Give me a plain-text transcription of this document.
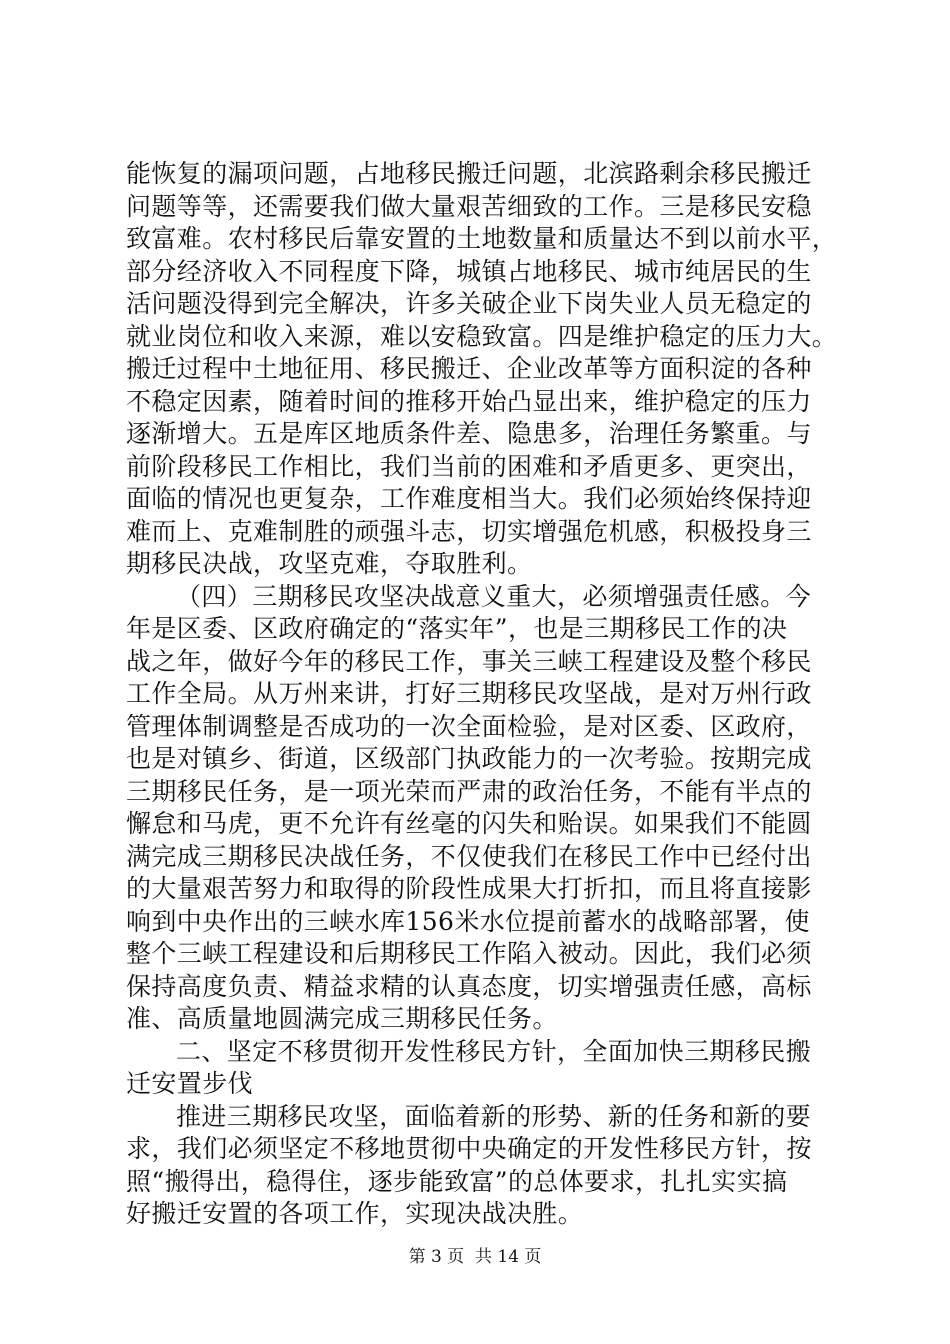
能恢复的漏项问题，占地移民搬迁问题，北滨路剩余移民搬迁
问题等等，还需要我们做大量艰苦细致的工作。三是移民安稳
致富难。农村移民后靠安置的土地数量和质量达不到以前水平，
部分经济收入不同程度下降，城镇占地移民、城市纯居民的生
活问题没得到完全解决，许多关破企业下岗失业人员无稳定的
就业岗位和收入来源，难以安稳致富。四是维护稳定的压力大。
搬迁过程中土地征用、移民搬迁、企业改革等方面积淀的各种
不稳定因素，随着时间的推移开始凸显出来，维护稳定的压力
逐渐增大。五是库区地质条件差、隐患多，治理任务繁重。与
前阶段移民工作相比，我们当前的困难和矛盾更多、更突出，
面临的情况也更复杂，工作难度相当大。我们必须始终保持迎
难而上、克难制胜的顽强斗志，切实增强危机感，积极投身三
期移民决战，攻坚克难，夺取胜利。
（四）三期移民攻坚决战意义重大，必须增强责任感。今
年是区委、区政府确定的“落实年”，也是三期移民工作的决
战之年，做好今年的移民工作，事关三峡工程建设及整个移民
工作全局。从万州来讲，打好三期移民攻坚战，是对万州行政
管理体制调整是否成功的一次全面检验，是对区委、区政府，
也是对镇乡、街道，区级部门执政能力的一次考验。按期完成
三期移民任务，是一项光荣而严肃的政治任务，不能有半点的
懈怠和马虎，更不允许有丝毫的闪失和贻误。如果我们不能圆
满完成三期移民决战任务，不仅使我们在移民工作中已经付出
的大量艰苦努力和取得的阶段性成果大打折扣，而且将直接影
响到中央作出的三峡水库156米水位提前蓄水的战略部署，使
整个三峡工程建设和后期移民工作陷入被动。因此，我们必须
保持高度负责、精益求精的认真态度，切实增强责任感，高标
准、高质量地圆满完成三期移民任务。
二、坚定不移贯彻开发性移民方针，全面加快三期移民搬
迁安置步伐
推进三期移民攻坚，面临着新的形势、新的任务和新的要
求，我们必须坚定不移地贯彻中央确定的开发性移民方针，按
照“搬得出，稳得住，逐步能致富”的总体要求，扎扎实实搞
好搬迁安置的各项工作，实现决战决胜。
第 3 页  共 14 页
